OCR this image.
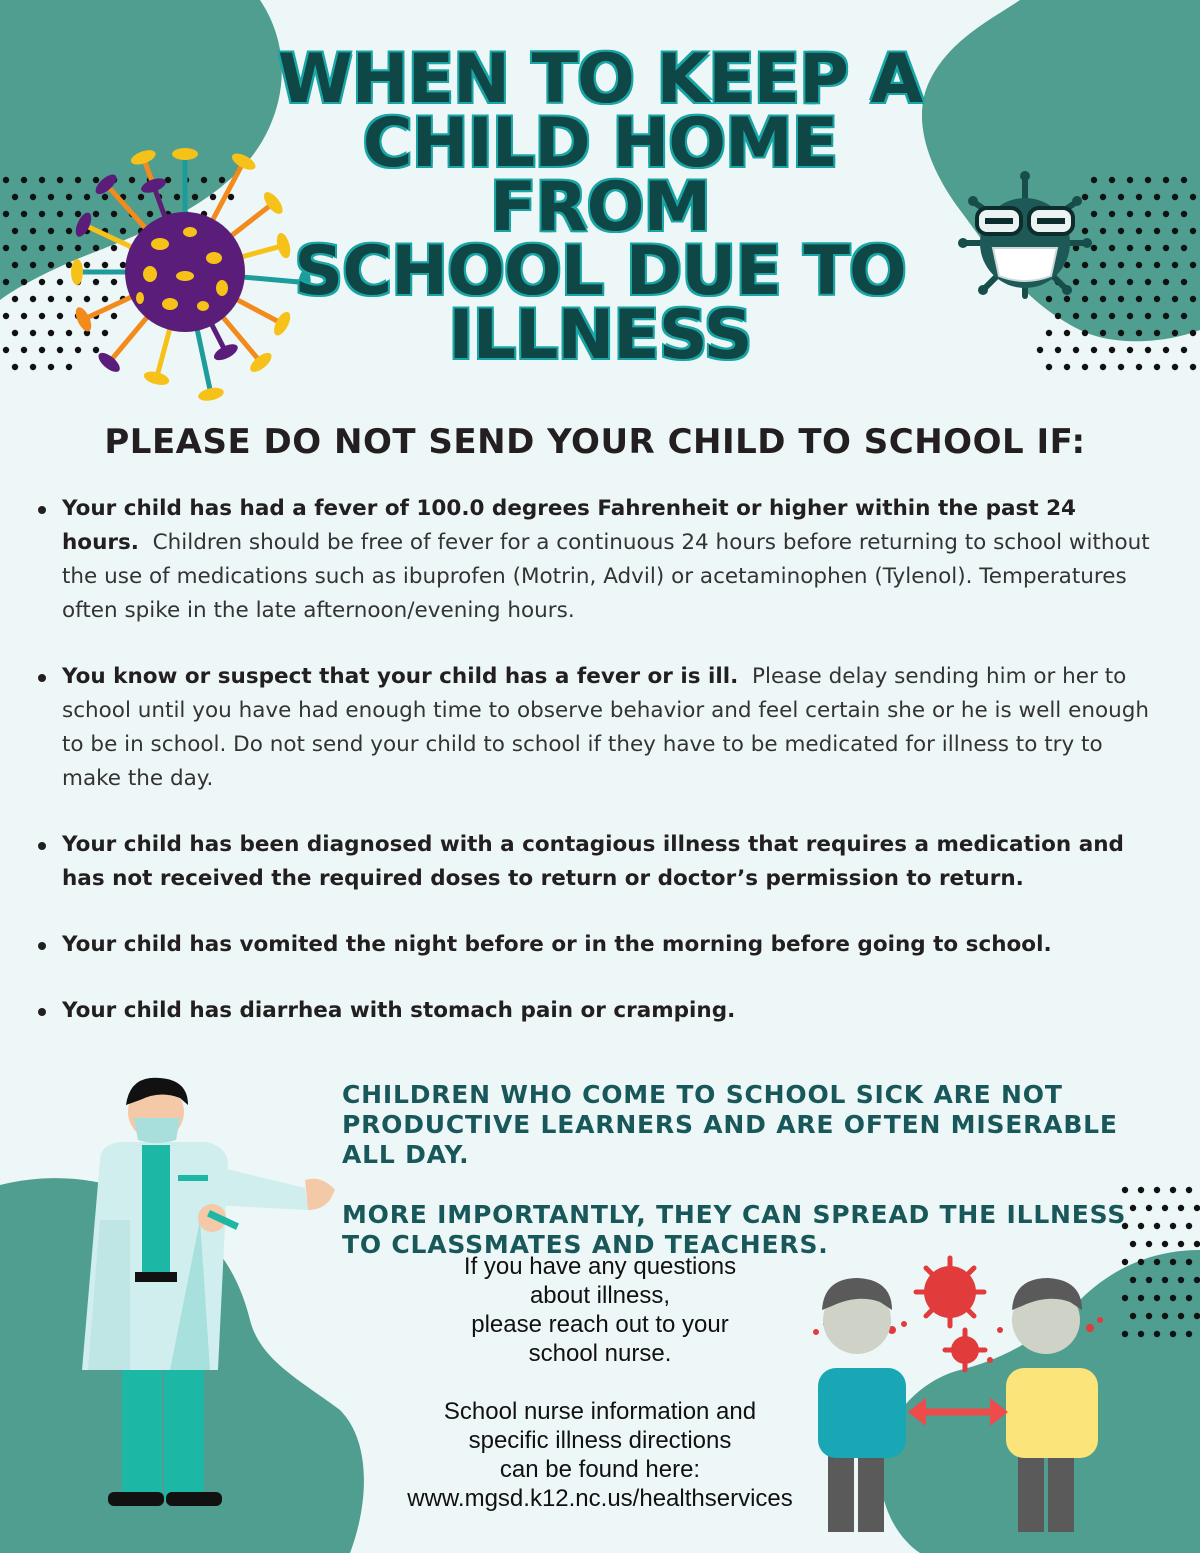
WHEN TO KEEP A
CHILD HOME FROM
SCHOOL DUE TO
ILLNESS
PLEASE DO NOT SEND YOUR CHILD TO SCHOOL IF:
Your child has had a fever of 100.0 degrees Fahrenheit or higher within the past 24 hours. Children should be free of fever for a continuous 24 hours before returning to school without the use of medications such as ibuprofen (Motrin, Advil) or acetaminophen (Tylenol). Temperatures often spike in the late afternoon/evening hours.
You know or suspect that your child has a fever or is ill. Please delay sending him or her to school until you have had enough time to observe behavior and feel certain she or he is well enough to be in school. Do not send your child to school if they have to be medicated for illness to try to make the day.
Your child has been diagnosed with a contagious illness that requires a medication and has not received the required doses to return or doctor’s permission to return.
Your child has vomited the night before or in the morning before going to school.
Your child has diarrhea with stomach pain or cramping.

CHILDREN WHO COME TO SCHOOL SICK ARE NOT PRODUCTIVE LEARNERS AND ARE OFTEN MISERABLE ALL DAY.

MORE IMPORTANTLY, THEY CAN SPREAD THE ILLNESS TO CLASSMATES AND TEACHERS.

If you have any questions
about illness,
please reach out to your
school nurse.

School nurse information and
specific illness directions
can be found here:
www.mgsd.k12.nc.us/healthservices
